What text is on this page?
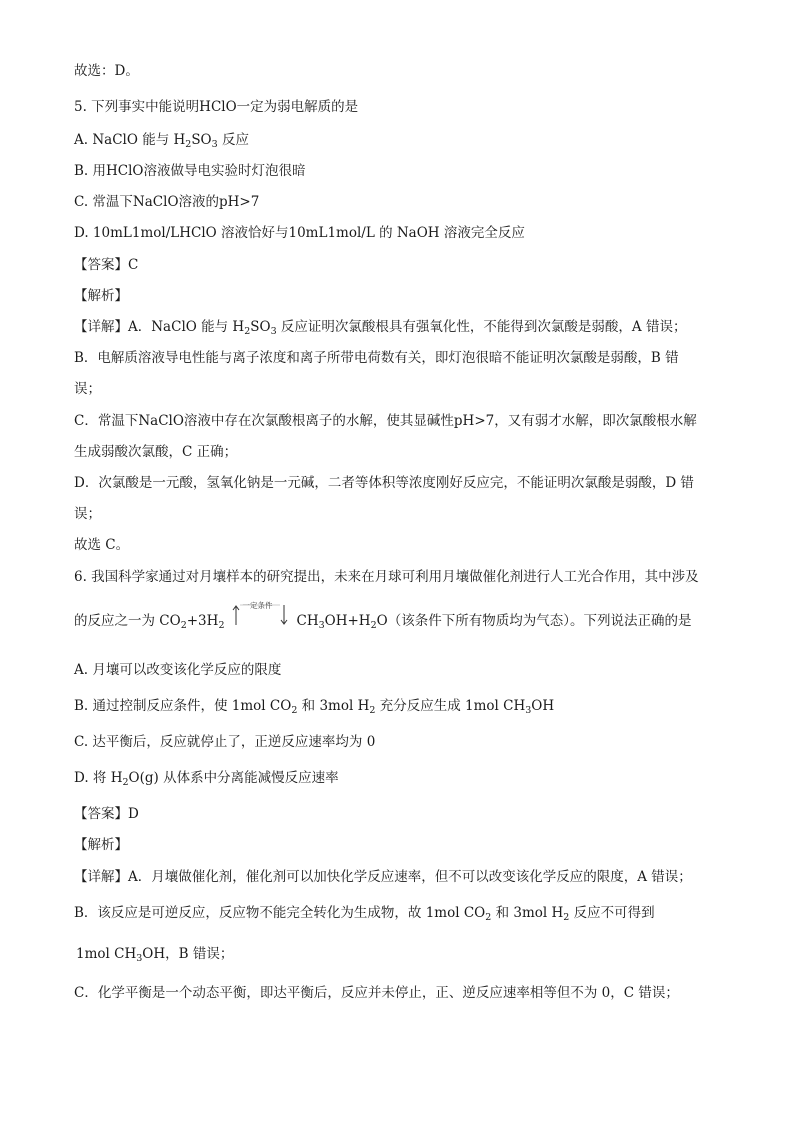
故选：D。
5. 下列事实中能说明HClO一定为弱电解质的是
A. NaClO 能与 $H_2SO_3$ 反应
B. 用HClO溶液做导电实验时灯泡很暗
C. 常温下NaClO溶液的pH>7
D. 10mL1mol/LHClO 溶液恰好与10mL1mol/L 的 NaOH 溶液完全反应
【答案】C
【解析】
【详解】A．NaClO 能与 $H_2SO_3$ 反应证明次氯酸根具有强氧化性，不能得到次氯酸是弱酸，A 错误；
B．电解质溶液导电性能与离子浓度和离子所带电荷数有关，即灯泡很暗不能证明次氯酸是弱酸，B 错
误；
C．常温下NaClO溶液中存在次氯酸根离子的水解，使其显碱性pH>7，又有弱才水解，即次氯酸根水解
生成弱酸次氯酸，C 正确；
D．次氯酸是一元酸，氢氧化钠是一元碱，二者等体积等浓度刚好反应完，不能证明次氯酸是弱酸，D 错
误；
故选 C。
6. 我国科学家通过对月壤样本的研究提出，未来在月球可利用月壤做催化剂进行人工光合作用，其中涉及
的反应之一为 $CO_2+3H_2$
一定条件
$CH_3OH+H_2O$（该条件下所有物质均为气态）。下列说法正确的是
A. 月壤可以改变该化学反应的限度
B. 通过控制反应条件，使 1mol $CO_2$ 和 3mol $H_2$ 充分反应生成 1mol $CH_3OH$
C. 达平衡后，反应就停止了，正逆反应速率均为 0
D. 将 $H_2O(g)$ 从体系中分离能减慢反应速率
【答案】D
【解析】
【详解】A．月壤做催化剂，催化剂可以加快化学反应速率，但不可以改变该化学反应的限度，A 错误；
B．该反应是可逆反应，反应物不能完全转化为生成物，故 1mol $CO_2$ 和 3mol $H_2$ 反应不可得到
1mol $CH_3OH$，B 错误；
C．化学平衡是一个动态平衡，即达平衡后，反应并未停止，正、逆反应速率相等但不为 0，C 错误；
